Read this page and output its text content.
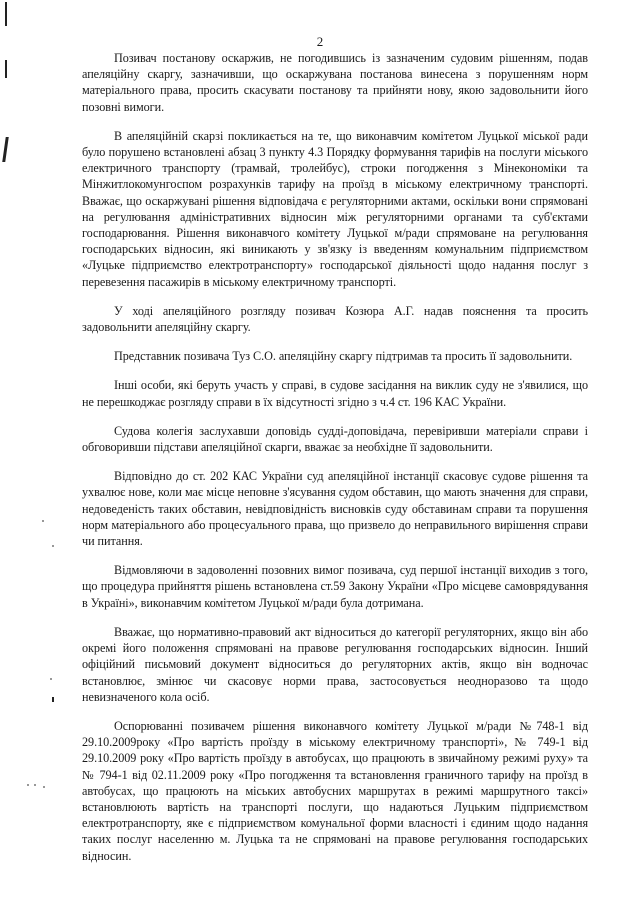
2

Позивач постанову оскаржив, не погодившись із зазначеним судовим рішенням, подав апеляційну скаргу, зазначивши, що оскаржувана постанова винесена з порушенням норм матеріального права, просить скасувати постанову та прийняти нову, якою задовольнити його позовні вимоги.

В апеляційній скарзі покликається на те, що виконавчим комітетом Луцької міської ради було порушено встановлені абзац 3 пункту 4.3 Порядку формування тарифів на послуги міського електричного транспорту (трамвай, тролейбус), строки погодження з Мінекономіки та Мінжитлокомунгоспом розрахунків тарифу на проїзд в міському електричному транспорті. Вважає, що оскаржувані рішення відповідача є регуляторними актами, оскільки вони спрямовані на регулювання адміністративних відносин між регуляторними органами та суб'єктами господарювання. Рішення виконавчого комітету Луцької м/ради спрямоване на регулювання господарських відносин, які виникають у зв'язку із введенням комунальним підприємством «Луцьке підприємство електротранспорту» господарської діяльності щодо надання послуг з перевезення пасажирів в міському електричному транспорті.

У ході апеляційного розгляду позивач Козюра А.Г. надав пояснення та просить задовольнити апеляційну скаргу.

Представник позивача Туз С.О. апеляційну скаргу підтримав та просить її задовольнити.

Інші особи, які беруть участь у справі, в судове засідання на виклик суду не з'явилися, що не перешкоджає розгляду справи в їх відсутності згідно з ч.4 ст. 196 КАС України.

Судова колегія заслухавши доповідь судді-доповідача, перевіривши матеріали справи і обговоривши підстави апеляційної скарги, вважає за необхідне її задовольнити.

Відповідно до ст. 202 КАС України суд апеляційної інстанції скасовує судове рішення та ухвалює нове, коли має місце неповне з'ясування судом обставин, що мають значення для справи, недоведеність таких обставин, невідповідність висновків суду обставинам справи та порушення норм матеріального або процесуального права, що призвело до неправильного вирішення справи чи питання.

Відмовляючи в задоволенні позовних вимог позивача, суд першої інстанції виходив з того, що процедура прийняття рішень встановлена ст.59 Закону України «Про місцеве самоврядування в Україні», виконавчим комітетом Луцької м/ради була дотримана.

Вважає, що нормативно-правовий акт відноситься до категорії регуляторних, якщо він або окремі його положення спрямовані на правове регулювання господарських відносин. Інший офіційний письмовий документ відноситься до регуляторних актів, якщо він водночас встановлює, змінює чи скасовує норми права, застосовується неодноразово та щодо невизначеного кола осіб.

Оспорюванні позивачем рішення виконавчого комітету Луцької м/ради №748-1 від 29.10.2009року «Про вартість проїзду в міському електричному транспорті», № 749-1 від 29.10.2009 року «Про вартість проїзду в автобусах, що працюють в звичайному режимі руху» та № 794-1 від 02.11.2009 року «Про погодження та встановлення граничного тарифу на проїзд в автобусах, що працюють на міських автобусних маршрутах в режимі маршрутного таксі» встановлюють вартість на транспорті послуги, що надаються Луцьким підприємством електротранспорту, яке є підприємством комунальної форми власності і єдиним щодо надання таких послуг населенню м. Луцька та не спрямовані на правове регулювання господарських відносин.
